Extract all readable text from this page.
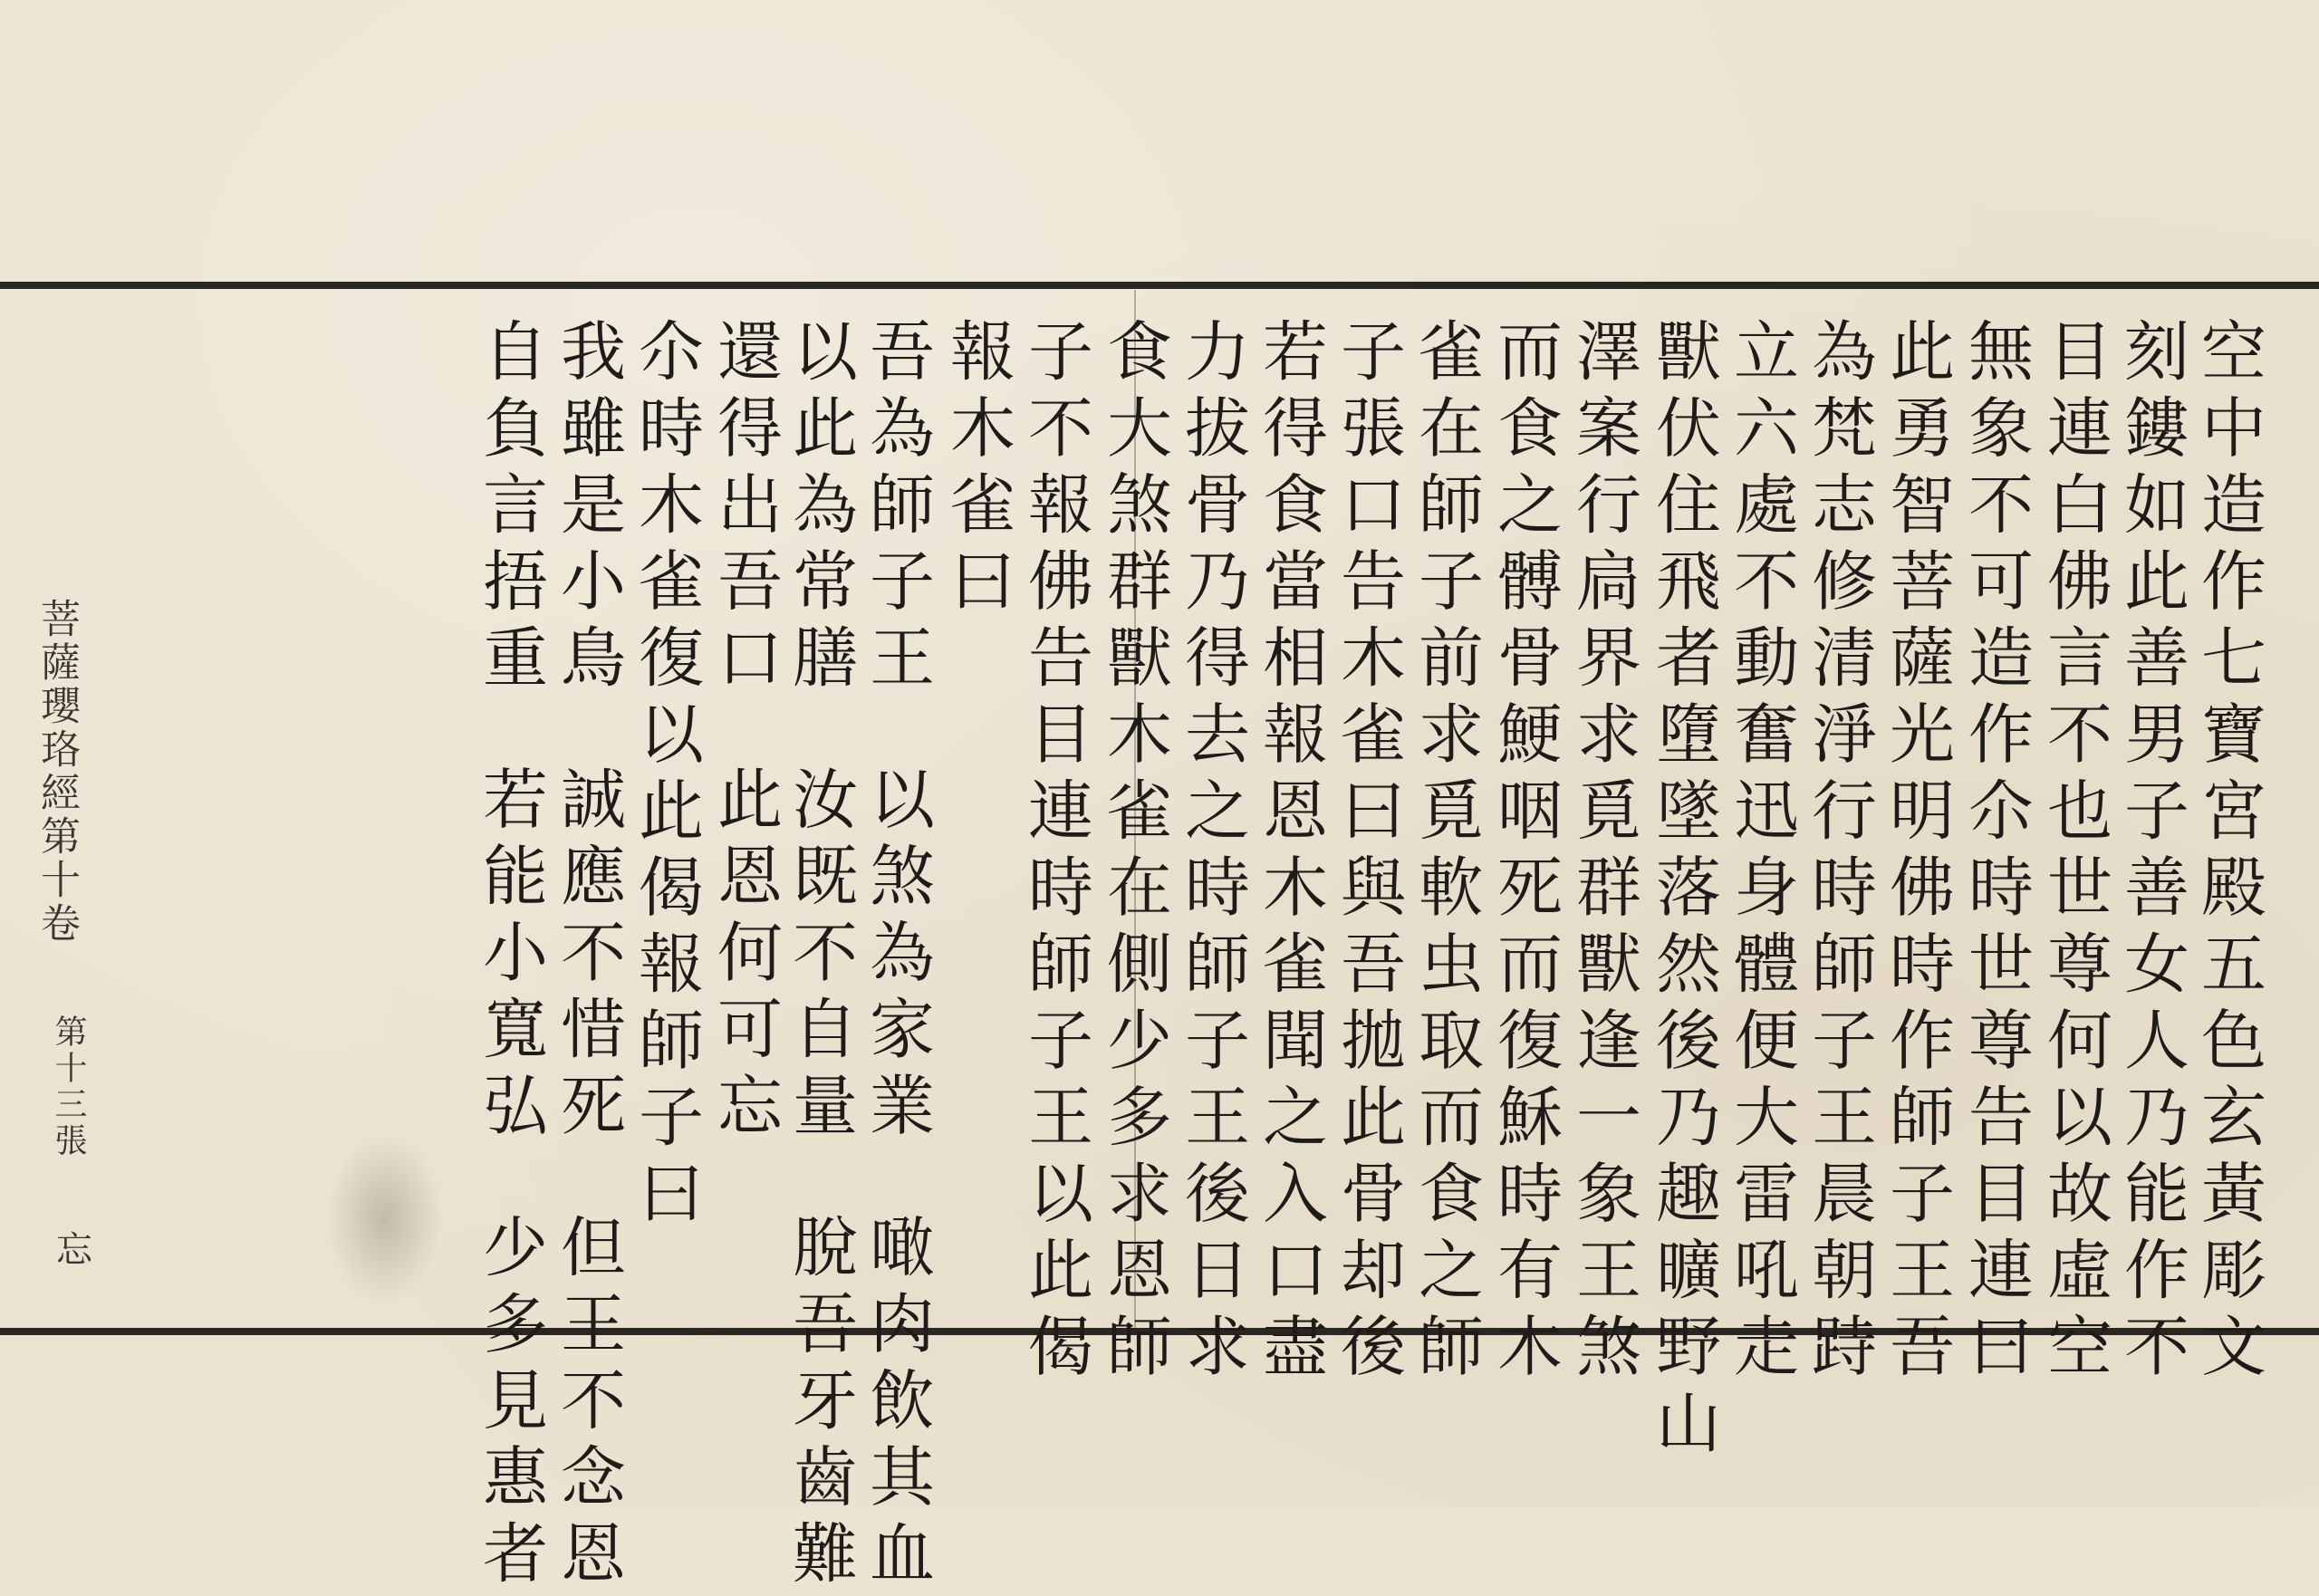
空中造作七寶宮殿五色玄黃彫文
刻鏤如此善男子善女人乃能作不
目連白佛言不也世尊何以故虛空
無象不可造作尒時世尊告目連曰
此勇智菩薩光明佛時作師子王吾
為梵志修清淨行時師子王晨朝跱
立六處不動奮迅身體便大雷吼走
獸伏住飛者墮墜落然後乃趣曠野山
澤案行扃界求覓群獸逢一象王煞
而食之髆骨鯁咽死而復穌時有木
雀在師子前求覓軟虫取而食之師
子張口告木雀曰與吾拋此骨却後
若得食當相報恩木雀聞之入口盡
力拔骨乃得去之時師子王後日求
食大煞群獸木雀在側少多求恩師
子不報佛告目連時師子王以此偈
報木雀曰
吾為師子王以煞為家業噉肉飲其血
以此為常膳汝既不自量脫吾牙齒難
還得出吾口此恩何可忘
尒時木雀復以此偈報師子曰
我雖是小鳥誠應不惜死但王不念恩
自負言捂重若能小寬弘少多見惠者
菩薩瓔珞經第十卷
第十三張
忘
